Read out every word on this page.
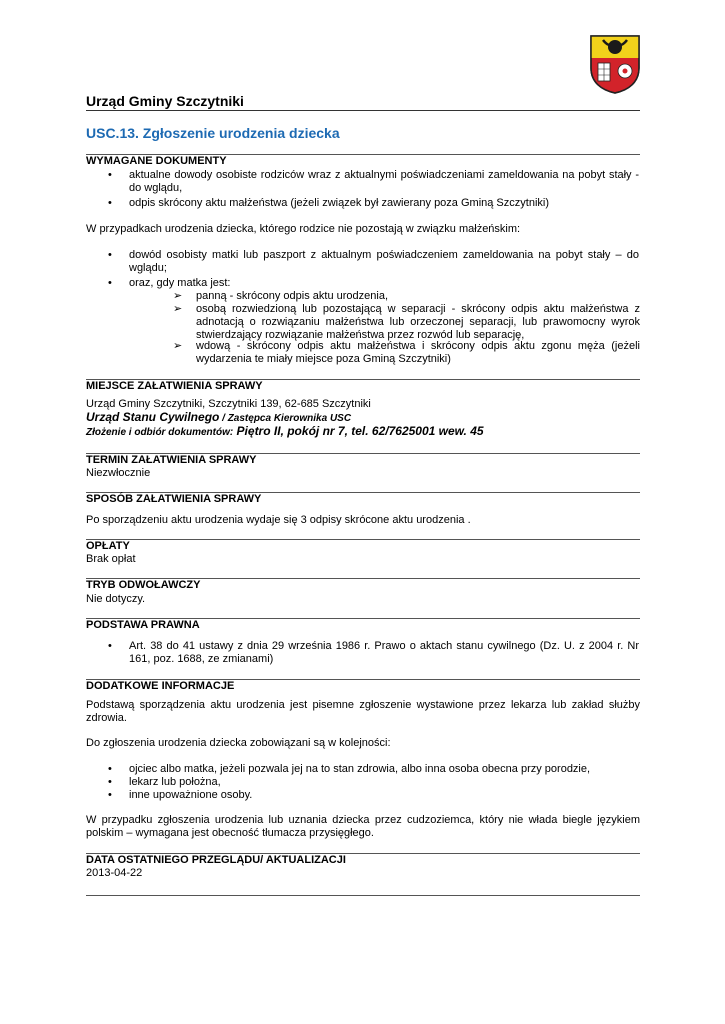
Urząd Gminy Szczytniki
USC.13. Zgłoszenie urodzenia dziecka
WYMAGANE DOKUMENTY
• aktualne dowody osobiste rodziców wraz z aktualnymi poświadczeniami zameldowania na pobyt stały - do wglądu,
• odpis skrócony aktu małżeństwa (jeżeli związek był zawierany poza Gminą Szczytniki)
W przypadkach urodzenia dziecka, którego rodzice nie pozostają w związku małżeńskim:
• dowód osobisty matki lub paszport z aktualnym poświadczeniem zameldowania na pobyt stały – do wglądu;
• oraz, gdy matka jest:
➢ panną - skrócony odpis aktu urodzenia,
➢ osobą rozwiedzioną lub pozostającą w separacji - skrócony odpis aktu małżeństwa z adnotacją o rozwiązaniu małżeństwa lub orzeczonej separacji, lub prawomocny wyrok stwierdzający rozwiązanie małżeństwa przez rozwód lub separację,
➢ wdową - skrócony odpis aktu małżeństwa i skrócony odpis aktu zgonu męża (jeżeli wydarzenia te miały miejsce poza Gminą Szczytniki)
MIEJSCE ZAŁATWIENIA SPRAWY
Urząd Gminy Szczytniki, Szczytniki 139, 62-685 Szczytniki
Urząd Stanu Cywilnego / Zastępca Kierownika USC
Złożenie i odbiór dokumentów: Piętro II, pokój nr 7, tel. 62/7625001 wew. 45
TERMIN ZAŁATWIENIA SPRAWY
Niezwłocznie
SPOSÓB ZAŁATWIENIA SPRAWY
Po sporządzeniu aktu urodzenia wydaje się 3 odpisy skrócone aktu urodzenia .
OPŁATY
Brak opłat
TRYB ODWOŁAWCZY
Nie dotyczy.
PODSTAWA PRAWNA
• Art. 38 do 41 ustawy z dnia 29 września 1986 r. Prawo o aktach stanu cywilnego (Dz. U. z 2004 r. Nr 161, poz. 1688, ze zmianami)
DODATKOWE INFORMACJE
Podstawą sporządzenia aktu urodzenia jest pisemne zgłoszenie wystawione przez lekarza lub zakład służby zdrowia.
Do zgłoszenia urodzenia dziecka zobowiązani są w kolejności:
• ojciec albo matka, jeżeli pozwala jej na to stan zdrowia, albo inna osoba obecna przy porodzie,
• lekarz lub położna,
• inne upoważnione osoby.
W przypadku zgłoszenia urodzenia lub uznania dziecka przez cudzoziemca, który nie włada biegle językiem polskim – wymagana jest obecność tłumacza przysięgłego.
DATA OSTATNIEGO PRZEGLĄDU/ AKTUALIZACJI
2013-04-22
